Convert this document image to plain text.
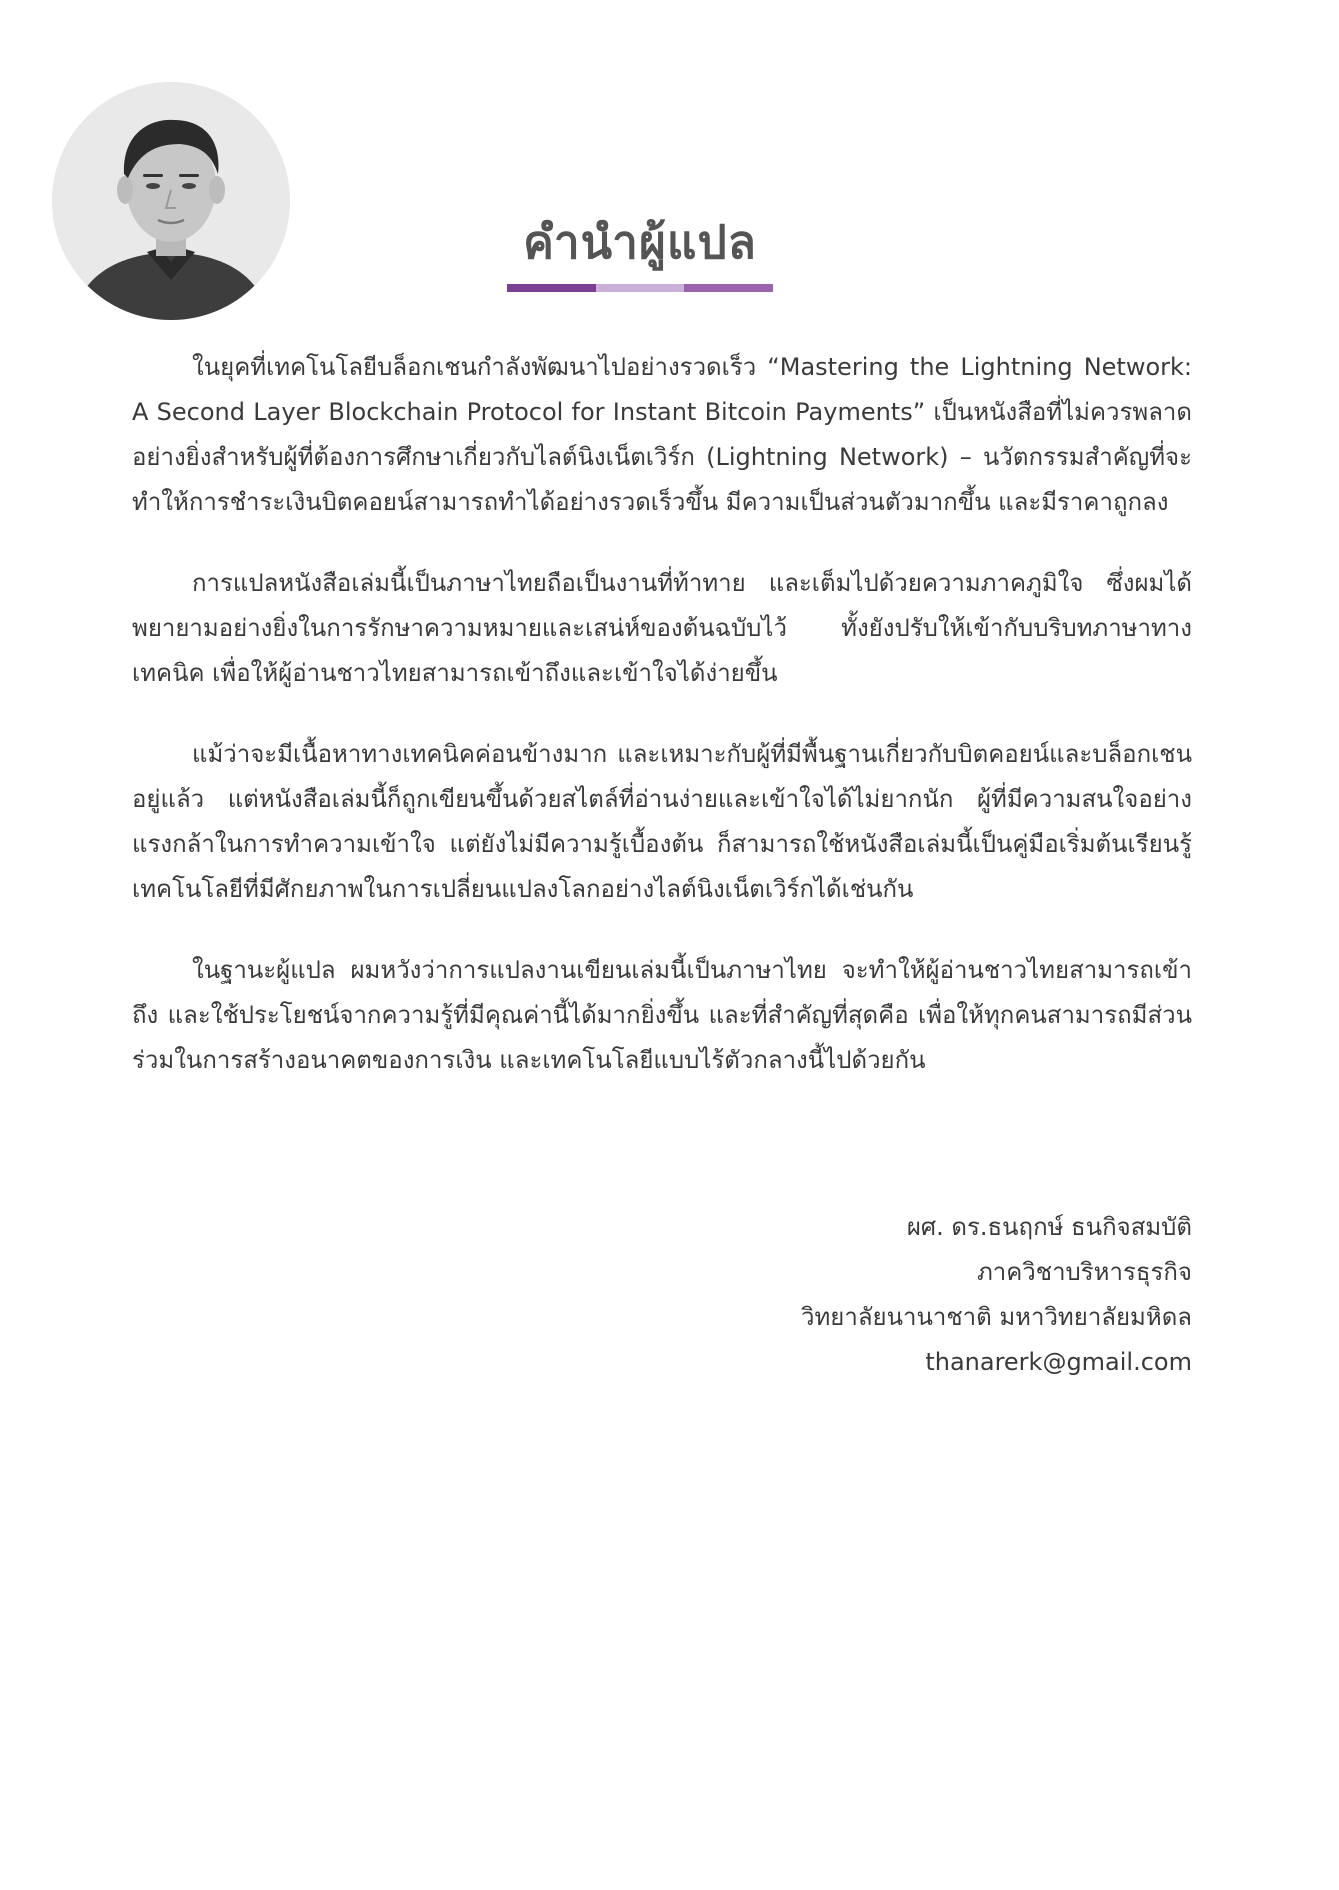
คำนำผู้แปล

ในยุคที่เทคโนโลยีบล็อกเชนกำลังพัฒนาไปอย่างรวดเร็ว “Mastering the Lightning Network: A Second Layer Blockchain Protocol for Instant Bitcoin Payments” เป็นหนังสือที่ไม่ควรพลาดอย่างยิ่งสำหรับผู้ที่ต้องการศึกษาเกี่ยวกับไลต์นิงเน็ตเวิร์ก (Lightning Network) – นวัตกรรมสำคัญที่จะทำให้การชำระเงินบิตคอยน์สามารถทำได้อย่างรวดเร็วขึ้น มีความเป็นส่วนตัวมากขึ้น และมีราคาถูกลง

การแปลหนังสือเล่มนี้เป็นภาษาไทยถือเป็นงานที่ท้าทาย และเต็มไปด้วยความภาคภูมิใจ ซึ่งผมได้พยายามอย่างยิ่งในการรักษาความหมายและเสน่ห์ของต้นฉบับไว้ ทั้งยังปรับให้เข้ากับบริบทภาษาทางเทคนิค เพื่อให้ผู้อ่านชาวไทยสามารถเข้าถึงและเข้าใจได้ง่ายขึ้น

แม้ว่าจะมีเนื้อหาทางเทคนิคค่อนข้างมาก และเหมาะกับผู้ที่มีพื้นฐานเกี่ยวกับบิตคอยน์และบล็อกเชนอยู่แล้ว แต่หนังสือเล่มนี้ก็ถูกเขียนขึ้นด้วยสไตล์ที่อ่านง่ายและเข้าใจได้ไม่ยากนัก ผู้ที่มีความสนใจอย่างแรงกล้าในการทำความเข้าใจ แต่ยังไม่มีความรู้เบื้องต้น ก็สามารถใช้หนังสือเล่มนี้เป็นคู่มือเริ่มต้นเรียนรู้เทคโนโลยีที่มีศักยภาพในการเปลี่ยนแปลงโลกอย่างไลต์นิงเน็ตเวิร์กได้เช่นกัน

ในฐานะผู้แปล ผมหวังว่าการแปลงานเขียนเล่มนี้เป็นภาษาไทย จะทำให้ผู้อ่านชาวไทยสามารถเข้าถึง และใช้ประโยชน์จากความรู้ที่มีคุณค่านี้ได้มากยิ่งขึ้น และที่สำคัญที่สุดคือ เพื่อให้ทุกคนสามารถมีส่วนร่วมในการสร้างอนาคตของการเงิน และเทคโนโลยีแบบไร้ตัวกลางนี้ไปด้วยกัน

ผศ. ดร.ธนฤกษ์ ธนกิจสมบัติ
ภาควิชาบริหารธุรกิจ
วิทยาลัยนานาชาติ มหาวิทยาลัยมหิดล
thanarerk@gmail.com
